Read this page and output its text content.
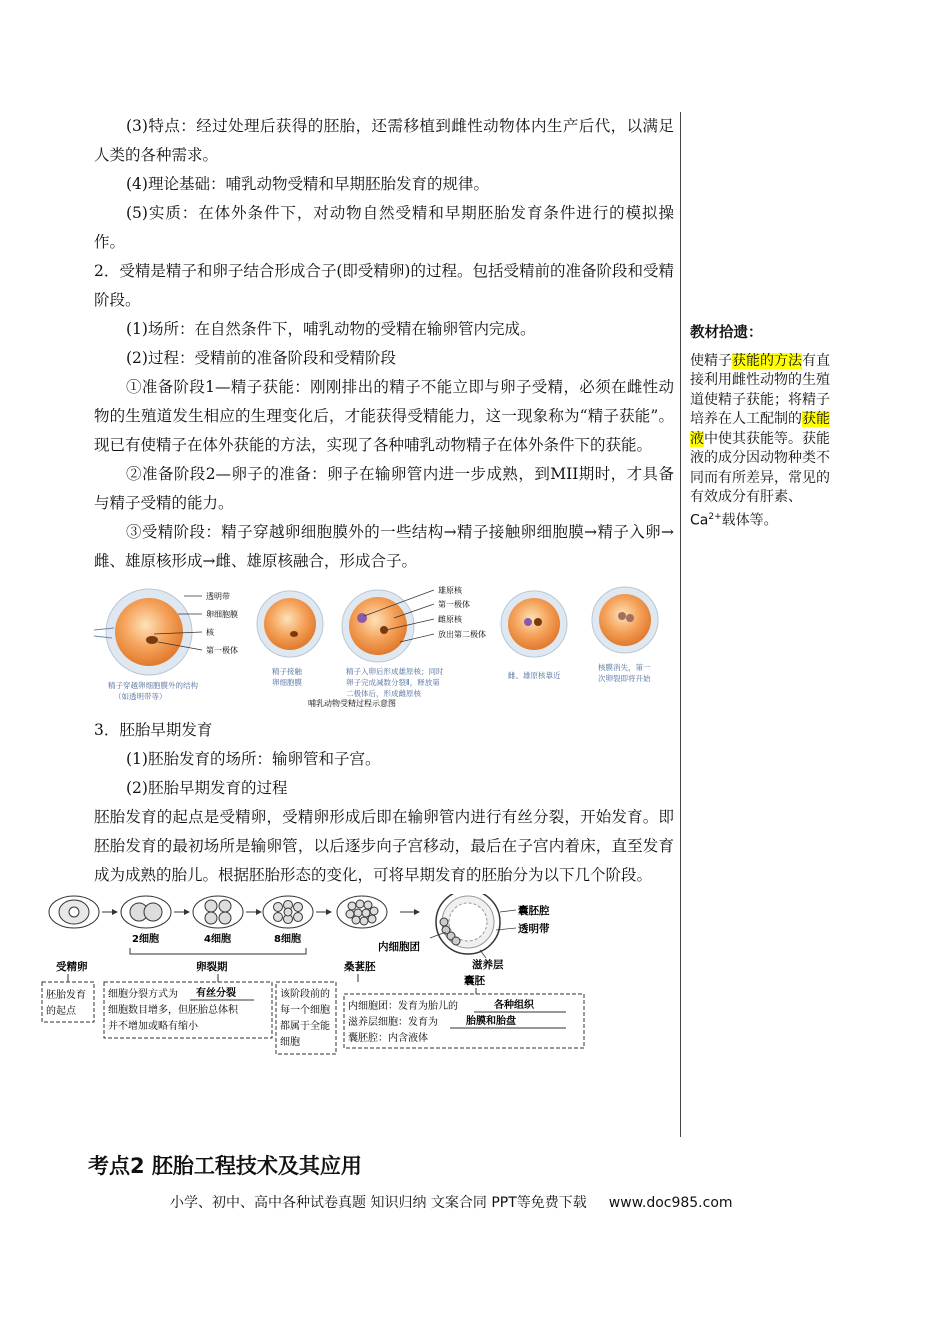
(3)特点：经过处理后获得的胚胎，还需移植到雌性动物体内生产后代，以满足人类的各种需求。

(4)理论基础：哺乳动物受精和早期胚胎发育的规律。

(5)实质：在体外条件下，对动物自然受精和早期胚胎发育条件进行的模拟操作。

2．受精是精子和卵子结合形成合子(即受精卵)的过程。包括受精前的准备阶段和受精阶段。

(1)场所：在自然条件下，哺乳动物的受精在输卵管内完成。

(2)过程：受精前的准备阶段和受精阶段

①准备阶段1—精子获能：刚刚排出的精子不能立即与卵子受精，必须在雌性动物的生殖道发生相应的生理变化后，才能获得受精能力，这一现象称为“精子获能”。现已有使精子在体外获能的方法，实现了各种哺乳动物精子在体外条件下的获能。

②准备阶段2—卵子的准备：卵子在输卵管内进一步成熟，到MII期时，才具备与精子受精的能力。

③受精阶段：精子穿越卵细胞膜外的一些结构→精子接触卵细胞膜→精子入卵→雌、雄原核形成→雌、雄原核融合，形成合子。

透明带
卵细胞膜
核
第一极体
精子穿越卵细胞膜外的结构
（如透明带等）
精子接触
卵细胞膜
雄原核
第一极体
雌原核
放出第二极体
精子入卵后形成雄原核；同时
卵子完成减数分裂Ⅱ，释放第
二极体后，形成雌原核
雌、雄原核靠近
核膜消失，第一
次卵裂即将开始
哺乳动物受精过程示意图

3．胚胎早期发育

(1)胚胎发育的场所：输卵管和子宫。

(2)胚胎早期发育的过程

胚胎发育的起点是受精卵，受精卵形成后即在输卵管内进行有丝分裂，开始发育。即胚胎发育的最初场所是输卵管，以后逐步向子宫移动，最后在子宫内着床，直至发育成为成熟的胎儿。根据胚胎形态的变化，可将早期发育的胚胎分为以下几个阶段。

2细胞	4细胞	8细胞
受精卵	卵裂期	桑葚胚
囊胚腔
透明带
内细胞团
滋养层
囊胚
胚胎发育
的起点
细胞分裂方式为 有丝分裂
细胞数目增多，但胚胎总体积
并不增加或略有缩小
该阶段前的
每一个细胞
都属于全能
细胞
内细胞团：发育为胎儿的	各种组织
滋养层细胞：发育为	胎膜和胎盘
囊胚腔：内含液体
教材拾遗：
使精子获能的方法有直接利用雌性动物的生殖道使精子获能；将精子培养在人工配制的获能液中使其获能等。获能液的成分因动物种类不同而有所差异，常见的有效成分有肝素、$Ca^{2+}$载体等。
考点2 胚胎工程技术及其应用
小学、初中、高中各种试卷真题 知识归纳 文案合同 PPT等免费下载 www.doc985.com
